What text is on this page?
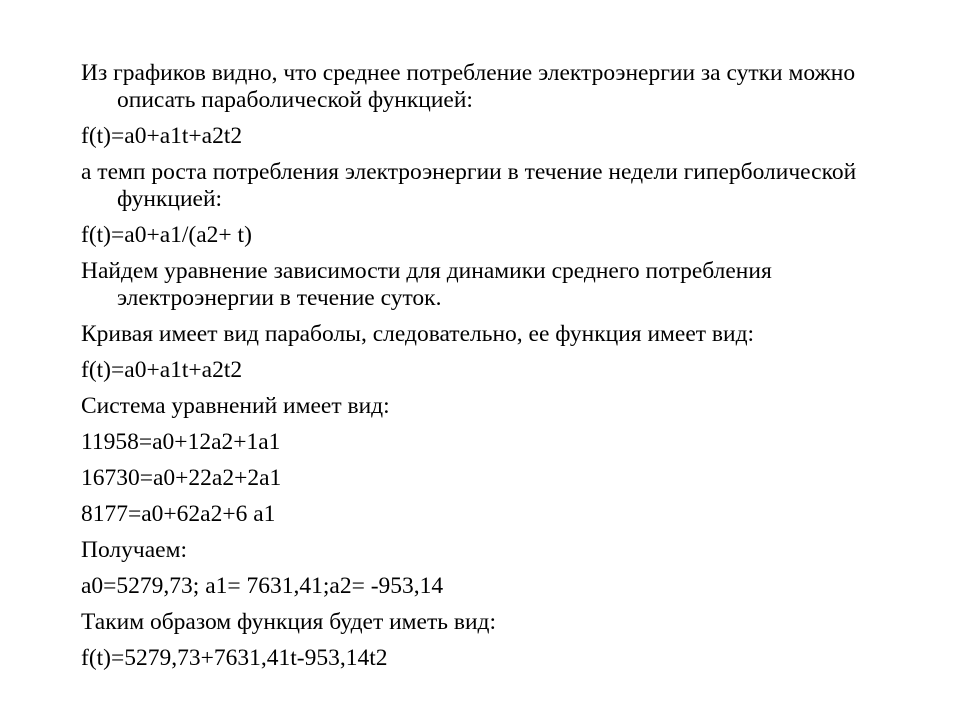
Из графиков видно, что среднее потребление электроэнергии за сутки можно описать параболической функцией:

f(t)=a0+a1t+a2t2

а темп роста потребления электроэнергии в течение недели гиперболической функцией:

f(t)=a0+a1/(a2+ t)

Найдем уравнение зависимости для динамики среднего потребления электроэнергии в течение суток.

Кривая имеет вид параболы, следовательно, ее функция имеет вид:

f(t)=a0+a1t+a2t2

Система уравнений имеет вид:

11958=a0+12a2+1a1

16730=a0+22a2+2a1

8177=a0+62a2+6 a1

Получаем:

a0=5279,73; a1= 7631,41;a2= -953,14

Таким образом функция будет иметь вид:

f(t)=5279,73+7631,41t-953,14t2
